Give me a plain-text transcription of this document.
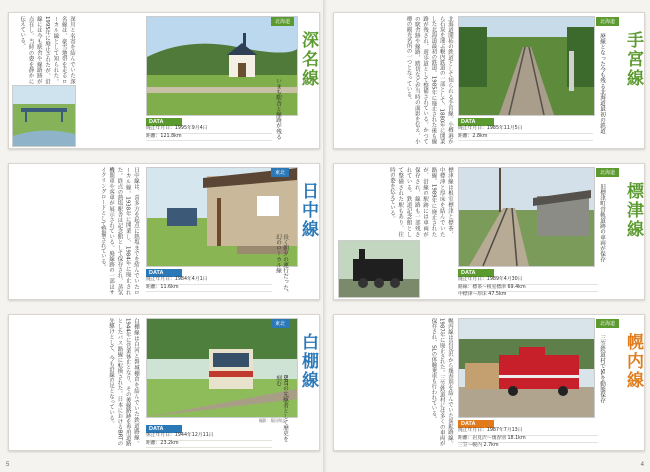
北海道
深名線
いまも駅舎と線路が残る
深川と名寄を結んでいた深名線は、豪雪地帯を走るローカル線として知られた。1995年に廃止されたが、沿線には今も駅舎や線路跡が点在し、当時の姿を静かに伝えている。
DATA
廃止年月日：1995年9月4日
距離：121.8km
北海道
手宮線
廃線となった今も残る北海道最初の鉄道
北海道開拓の鉄道として知られる手宮線。小樽港から石炭を運ぶ幌内鉄道の一部として、1880年に開業した北海道最初の鉄道。1985年に廃止された後も線路が残され、遊歩道として整備されている。かつての駅舎跡や線路、踏切などが当時の面影を伝え、小樽の観光名所の一つとなっている。
DATA
廃止年月日：1985年11月5日
距離：2.8km
東北
日中線
長く朝夕の運行だった、幻のローカル線
日中線は、喜多方を起点に熱塩までを結んでいたローカル線。1938年に開業し、1984年に廃止された。終点の熱塩駅舎は記念館として保存され、蒸気機関車や客車が展示されている。廃線跡の一部はサイクリングロードとして整備されている。
DATA
廃止年月日：1984年4月1日
距離：11.6km
北海道
標津線
旧標津町営軌道跡の車両が保存
標津線は根室標津と標茶、中標津と厚床を結んでいた路線。1989年に廃止されたが、沿線の駅跡には車両が保存され、線路も一部残されている。鉄道記念館として整備された駅もあり、往時の姿を伝えている。
DATA
廃止年月日：1989年4月30日
路線：標茶〜根室標津 69.4km
中標津〜厚床 47.5km
撮影：菊田和之
東北
白棚線
BRTの先駆者として歴史を刻む
白棚線は白河と磐城棚倉を結んでいた鉄道路線。1944年に営業休止となり、その後線路跡を専用道路としたバス路線に転換された。日本におけるBRTの先駆けとして、今も沿線の足となっている。
DATA
休止年月日：1944年12月11日
距離：23.2km
北海道
幌内線
三笠鉄道村でSLを動態保存
幌内線は岩見沢から幾春別を結んでいた炭鉱路線。1987年に廃止された。三笠鉄道村には多くの車両が保存され、SLの体験乗車も行われている。
DATA
廃止年月日：1987年7月13日
距離：岩見沢〜幾春別 18.1km
三笠〜幌内 2.7km
5	4
